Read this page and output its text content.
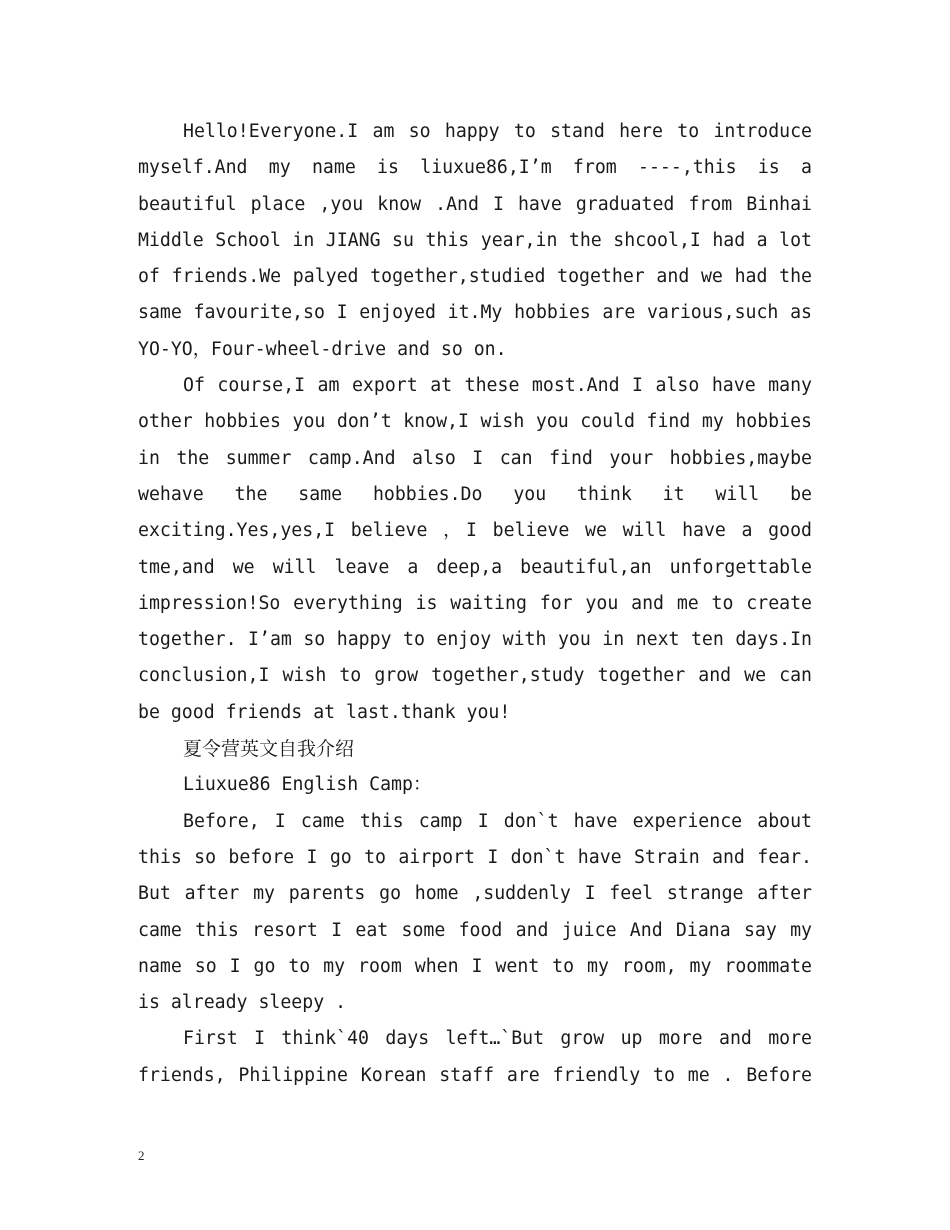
Hello!Everyone.I am so happy to stand here to introduce myself.And my name is liuxue86,I’m from ----,this is a beautiful place ,you know .And I have graduated from Binhai Middle School in JIANG su this year,in the shcool,I had a lot of friends.We palyed together,studied together and we had the same favourite,so I enjoyed it.My hobbies are various,such as YO-YO，Four-wheel-drive and so on.

Of course,I am export at these most.And I also have many other hobbies you don’t know,I wish you could find my hobbies in the summer camp.And also I can find your hobbies,maybe wehave the same hobbies.Do you think it will be exciting.Yes,yes,I believe ，I believe we will have a good tme,and we will leave a deep,a beautiful,an unforgettable impression!So everything is waiting for you and me to create together. I’am so happy to enjoy with you in next ten days.In conclusion,I wish to grow together,study together and we can be good friends at last.thank you!

夏令营英文自我介绍

Liuxue86 English Camp：

Before, I came this camp I don`t have experience about this so before I go to airport I don`t have Strain and fear. But after my parents go home ,suddenly I feel strange after came this resort I eat some food and juice And Diana say my name so I go to my room when I went to my room, my roommate is already sleepy .

First I think`40 days left…`But grow up more and more friends, Philippine Korean staff are friendly to me . Before

2
